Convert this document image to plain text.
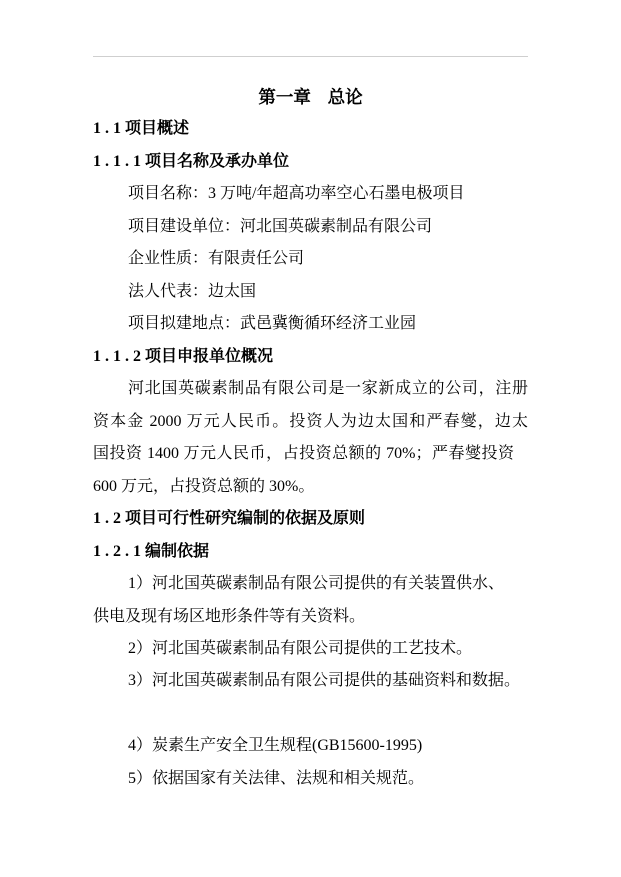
第一章  总论
1.1项目概述
1.1.1项目名称及承办单位
项目名称：3 万吨/年超高功率空心石墨电极项目
项目建设单位：河北国英碳素制品有限公司
企业性质：有限责任公司
法人代表：边太国
项目拟建地点：武邑冀衡循环经济工业园
1.1.2项目申报单位概况
河北国英碳素制品有限公司是一家新成立的公司，注册
资本金 2000 万元人民币。投资人为边太国和严春燮，边太
国投资 1400 万元人民币，占投资总额的 70%；严春燮投资
600 万元，占投资总额的 30%。
1.2项目可行性研究编制的依据及原则
1.2.1编制依据
1）河北国英碳素制品有限公司提供的有关装置供水、
供电及现有场区地形条件等有关资料。
2）河北国英碳素制品有限公司提供的工艺技术。
3）河北国英碳素制品有限公司提供的基础资料和数据。
4）炭素生产安全卫生规程(GB15600-1995)
5）依据国家有关法律、法规和相关规范。
